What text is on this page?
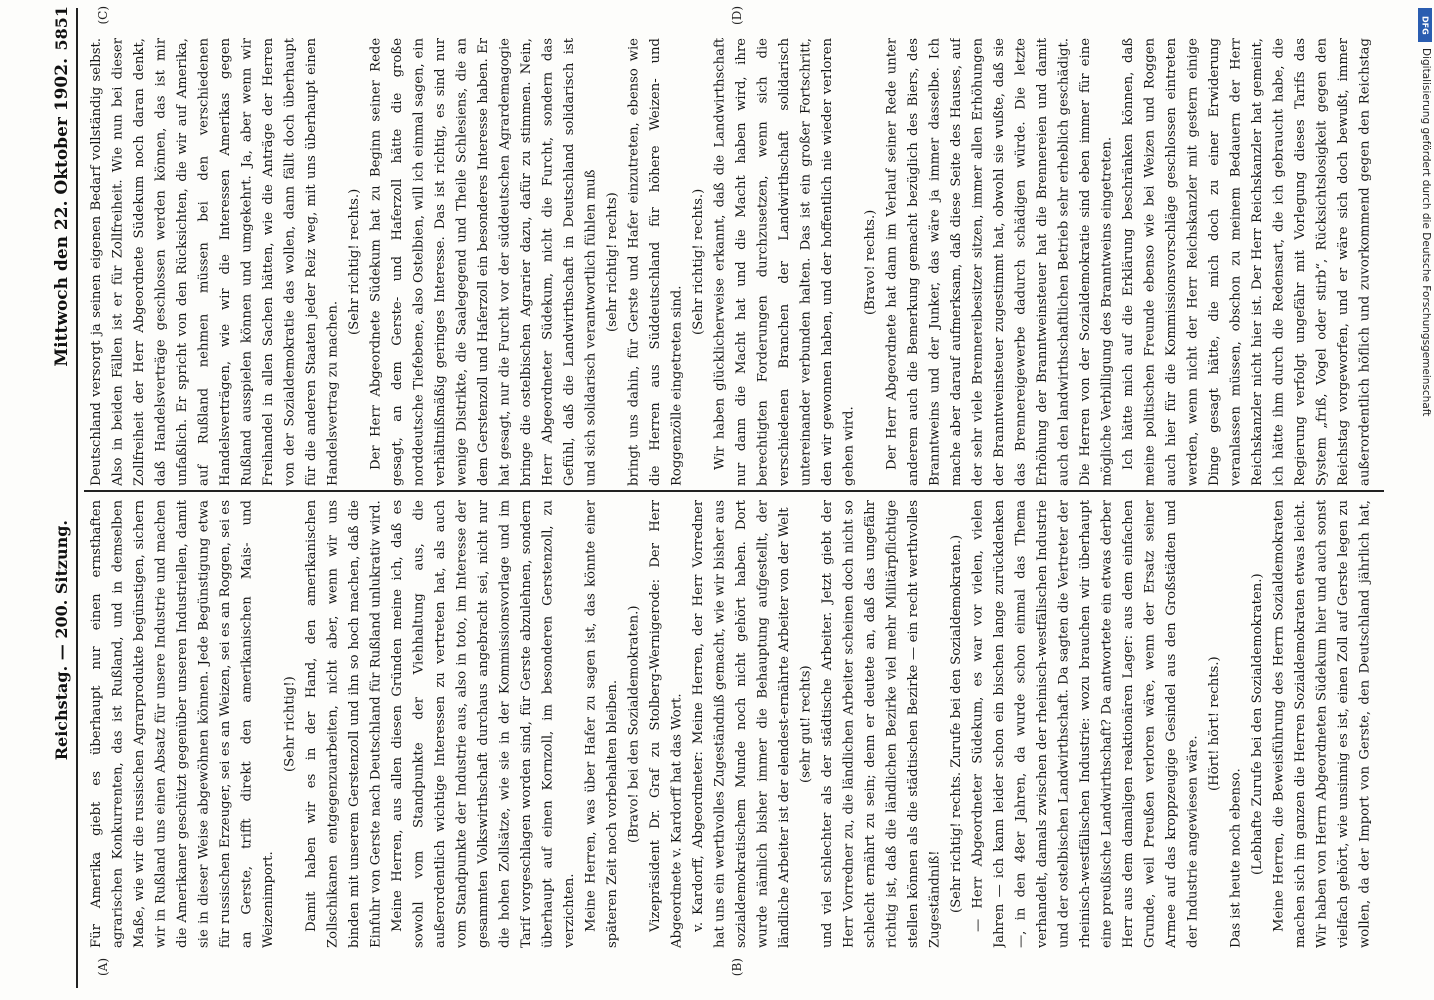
Reichstag. — 200. Sitzung.
Mittwoch den 22. Oktober 1902.
5851
(A)	(B)
(C)	(D)

Für Amerika giebt es überhaupt nur einen ernsthaften agrarischen Konkurrenten, das ist Rußland, und in demselben Maße, wie wir die russischen Agrarprodukte begünstigen, sichern wir in Rußland uns einen Absatz für unsere Industrie und machen die Amerikaner geschützt gegenüber unseren Industriellen, damit sie in dieser Weise abgewöhnen können. Jede Begünstigung etwa für russischen Erzeuger, sei es an Weizen, sei es an Roggen, sei es an Gerste, trifft direkt den amerikanischen Mais- und Weizenimport.

(Sehr richtig!) Damit haben wir es in der Hand, den amerikanischen Zollschikanen entgegenzuarbeiten, nicht aber, wenn wir uns binden mit unserem Gerstenzoll und ihn so hoch machen, daß die Einfuhr von Gerste nach Deutschland für Rußland unlukrativ wird. Meine Herren, aus allen diesen Gründen meine ich, daß es sowohl vom Standpunkte der Viehhaltung aus, die außerordentlich wichtige Interessen zu vertreten hat, als auch vom Standpunkte der Industrie aus, also in toto, im Interesse der gesammten Volkswirthschaft durchaus angebracht sei, nicht nur die hohen Zollsätze, wie sie in der Kommissionsvorlage und im Tarif vorgeschlagen worden sind, für Gerste abzulehnen, sondern überhaupt auf einen Kornzoll, im besonderen Gerstenzoll, zu verzichten. Meine Herren, was über Hafer zu sagen ist, das könnte einer späteren Zeit noch vorbehalten bleiben. (Bravo! bei den Sozialdemokraten.) Vizepräsident Dr. Graf zu Stolberg-Wernigerode: Der Herr Abgeordnete v. Kardorff hat das Wort. v. Kardorff, Abgeordneter: Meine Herren, der Herr Vorredner hat uns ein werthvolles Zugeständniß gemacht, wie wir bisher aus sozialdemokratischem Munde noch nicht gehört haben. Dort wurde nämlich bisher immer die Behauptung aufgestellt, der ländliche Arbeiter ist der elendest-ernährte Arbeiter von der Welt (sehr gut! rechts) und viel schlechter als der städtische Arbeiter. Jetzt giebt der Herr Vorredner zu, die ländlichen Arbeiter scheinen doch nicht so schlecht ernährt zu sein; denn er deutete an, daß das ungefähr richtig ist, daß die ländlichen Bezirke viel mehr Militärpflichtige stellen können als die städtischen Bezirke — ein recht werthvolles Zugeständniß! (Sehr richtig! rechts. Zurufe bei den Sozialdemokraten.) — Herr Abgeordneter Südekum, es war vor vielen, vielen Jahren — ich kann leider schon ein bischen lange zurückdenken —, in den 48er Jahren, da wurde schon einmal das Thema verhandelt, damals zwischen der rheinisch-westfälischen Industrie und der ostelbischen Landwirthschaft. Da sagten die Vertreter der rheinisch-westfälischen Industrie: wozu brauchen wir überhaupt eine preußische Landwirthschaft? Da antwortete ein etwas derber Herr aus dem damaligen reaktionären Lager: aus dem einfachen Grunde, weil Preußen verloren wäre, wenn der Ersatz seiner Armee auf das kroppzeugige Gesindel aus den Großstädten und der Industrie angewiesen wäre.

(Hört! hört! rechts.)

Das ist heute noch ebenso. (Lebhafte Zurufe bei den Sozialdemokraten.)

Meine Herren, die Beweisführung des Herrn Sozialdemokraten machen sich im ganzen die Herren Sozialdemokraten etwas leicht. Wir haben von Herrn Abgeordneten Südekum hier und auch sonst vielfach gehört, wie unsinnig es ist, einen Zoll auf Gerste legen zu wollen, da der Import von Gerste, den Deutschland jährlich hat,

Deutschland versorgt ja seinen eigenen Bedarf vollständig selbst. Also in beiden Fällen ist er für Zollfreiheit. Wie nun bei dieser Zollfreiheit der Herr Abgeordnete Südekum noch daran denkt, daß Handelsverträge geschlossen werden können, das ist mir unfaßlich. Er spricht von den Rücksichten, die wir auf Amerika, auf Rußland nehmen müssen bei den verschiedenen Handelsverträgen, wie wir die Interessen Amerikas gegen Rußland ausspielen können und umgekehrt. Ja, aber wenn wir Freihandel in allen Sachen hätten, wie die Anträge der Herren von der Sozialdemokratie das wollen, dann fällt doch überhaupt für die anderen Staaten jeder Reiz weg, mit uns überhaupt einen Handelsvertrag zu machen.

(Sehr richtig! rechts.) Der Herr Abgeordnete Südekum hat zu Beginn seiner Rede gesagt, an dem Gerste- und Haferzoll hätte die große norddeutsche Tiefebene, also Ostelbien, will ich einmal sagen, ein verhältnißmäßig geringes Interesse. Das ist richtig, es sind nur wenige Distrikte, die Saalegegend und Theile Schlesiens, die an dem Gerstenzoll und Haferzoll ein besonderes Interesse haben. Er hat gesagt, nur die Furcht vor der süddeutschen Agrardemagogie bringe die ostelbischen Agrarier dazu, dafür zu stimmen. Nein, Herr Abgeordneter Südekum, nicht die Furcht, sondern das Gefühl, daß die Landwirthschaft in Deutschland solidarisch ist und sich solidarisch verantwortlich fühlen muß (sehr richtig! rechts) bringt uns dahin, für Gerste und Hafer einzutreten, ebenso wie die Herren aus Süddeutschland für höhere Weizen- und Roggenzölle eingetreten sind.

(Sehr richtig! rechts.) Wir haben glücklicherweise erkannt, daß die Landwirthschaft nur dann die Macht hat und die Macht haben wird, ihre berechtigten Forderungen durchzusetzen, wenn sich die verschiedenen Branchen der Landwirthschaft solidarisch untereinander verbunden halten. Das ist ein großer Fortschritt, den wir gewonnen haben, und der hoffentlich nie wieder verloren gehen wird.

(Bravo! rechts.) Der Herr Abgeordnete hat dann im Verlauf seiner Rede unter anderem auch die Bemerkung gemacht bezüglich des Biers, des Branntweins und der Junker, das wäre ja immer dasselbe. Ich mache aber darauf aufmerksam, daß diese Seite des Hauses, auf der sehr viele Brennereibesitzer sitzen, immer allen Erhöhungen der Branntweinsteuer zugestimmt hat, obwohl sie wußte, daß sie das Brennereigewerbe dadurch schädigen würde. Die letzte Erhöhung der Branntweinsteuer hat die Brennereien und damit auch den landwirthschaftlichen Betrieb sehr erheblich geschädigt. Die Herren von der Sozialdemokratie sind eben immer für eine mögliche Verbilligung des Branntweins eingetreten. Ich hätte mich auf die Erklärung beschränken können, daß meine politischen Freunde ebenso wie bei Weizen und Roggen auch hier für die Kommissionsvorschläge geschlossen eintreten werden, wenn nicht der Herr Reichskanzler mit gestern einige Dinge gesagt hätte, die mich doch zu einer Erwiderung veranlassen müssen, obschon zu meinem Bedauern der Herr Reichskanzler nicht hier ist. Der Herr Reichskanzler hat gemeint, ich hätte ihm durch die Redensart, die ich gebraucht habe, die Regierung verfolgt ungefähr mit Vorlegung dieses Tarifs das System „friß, Vogel oder stirb“, Rücksichtslosigkeit gegen den Reichstag vorgeworfen, und er wäre sich doch bewußt, immer außerordentlich höflich und zuvorkommend gegen den Reichstag

DFG
Digitalisierung gefördert durch die Deutsche Forschungsgemeinschaft
